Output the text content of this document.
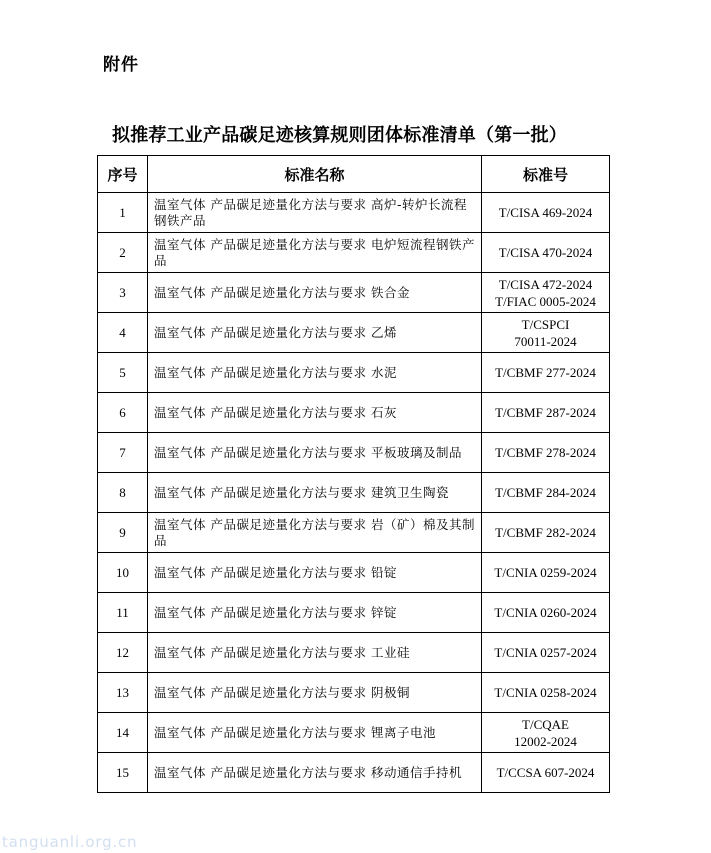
附件
拟推荐工业产品碳足迹核算规则团体标准清单（第一批）
序号	标准名称	标准号
1	温室气体 产品碳足迹量化方法与要求 高炉-转炉长流程钢铁产品	T/CISA 469-2024

2	温室气体 产品碳足迹量化方法与要求 电炉短流程钢铁产品	T/CISA 470-2024

3	温室气体 产品碳足迹量化方法与要求 铁合金	T/CISA 472-2024
T/FIAC 0005-2024

4	温室气体 产品碳足迹量化方法与要求 乙烯	T/CSPCI
70011-2024

5	温室气体 产品碳足迹量化方法与要求 水泥	T/CBMF 277-2024

6	温室气体 产品碳足迹量化方法与要求 石灰	T/CBMF 287-2024

7	温室气体 产品碳足迹量化方法与要求 平板玻璃及制品	T/CBMF 278-2024

8	温室气体 产品碳足迹量化方法与要求 建筑卫生陶瓷	T/CBMF 284-2024

9	温室气体 产品碳足迹量化方法与要求 岩（矿）棉及其制品	T/CBMF 282-2024

10	温室气体 产品碳足迹量化方法与要求 铅锭	T/CNIA 0259-2024

11	温室气体 产品碳足迹量化方法与要求 锌锭	T/CNIA 0260-2024

12	温室气体 产品碳足迹量化方法与要求 工业硅	T/CNIA 0257-2024

13	温室气体 产品碳足迹量化方法与要求 阴极铜	T/CNIA 0258-2024

14	温室气体 产品碳足迹量化方法与要求 锂离子电池	T/CQAE
12002-2024

15	温室气体 产品碳足迹量化方法与要求 移动通信手持机	T/CCSA 607-2024
tanguanli.org.cn
